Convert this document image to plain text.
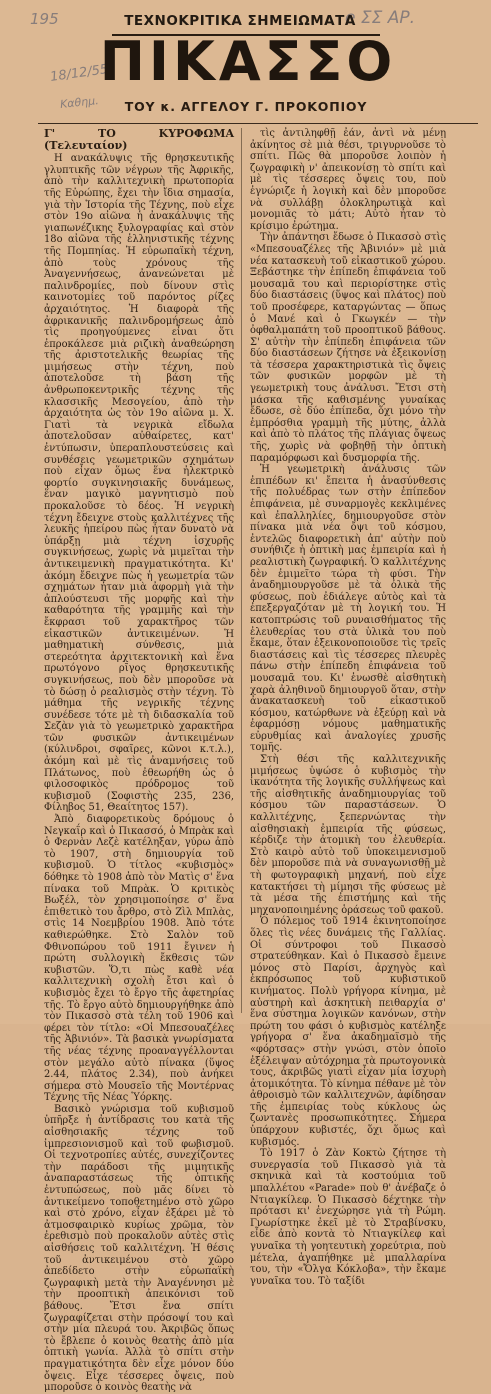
195	e ΣΣ ΑΡ.
18/12/55
Καθημ.
ΤΕΧΝΟΚΡΙΤΙΚΑ ΣΗΜΕΙΩΜΑΤΑ
ΠΙΚΑΣΣΟ
ΤΟΥ κ. ΑΓΓΕΛΟΥ Γ. ΠΡΟΚΟΠΙΟΥ

Γ' ΤΟ ΚΥΡΟΦΩΜΑ (Τελευταίον)

Η ανακάλυψις τῆς θρησκευτικῆς γλυπτικῆς τῶν νέγρων τῆς Ἀφρικῆς, ἀπὸ τὴν καλλιτεχνικὴ πρωτοπορία τῆς Εὐρώπης, ἔχει τὴν ἴδια σημασία, γιὰ τὴν Ἱστορία τῆς Τέχνης, ποὺ εἶχε στὸν 19ο αἰῶνα ἡ ἀνακάλυψις τῆς γιαπωνέζικης ξυλογραφίας καὶ στὸν 18ο αἰῶνα τῆς ἑλληνιστικῆς τέχνης τῆς Πομπηίας. Ἡ εὐρωπαϊκὴ τέχνη, ἀπὸ τοὺς χρόνους τῆς Ἀναγεννήσεως, ἀνανεώνεται μὲ παλινδρομίες, ποὺ δίνουν στὶς καινοτομίες τοῦ παρόντος ρίζες ἀρχαιότητος. Ἡ διαφορὰ τῆς ἀφρικανικῆς παλινδρομήσεως ἀπὸ τὶς προηγούμενες εἶναι ὅτι ἐπροκάλεσε μιὰ ριζικὴ ἀναθεώρηση τῆς ἀριστοτελικῆς θεωρίας τῆς μιμήσεως στὴν τέχνη, ποὺ ἀποτελοῦσε τὴ βάση τῆς ἀνθρωποκεντρικῆς τέχνης τῆς κλασσικῆς Μεσογείου, ἀπὸ τὴν ἀρχαιότητα ὡς τὸν 19ο αἰῶνα μ. Χ. Γιατὶ τὰ νεγρικὰ εἴδωλα ἀποτελοῦσαν αὐθαίρετες, κατ' ἐντύπωσιν, ὑπεραπλουστεύσεις καὶ συνθέσεις γεωμετρικῶν σχημάτων ποὺ εἶχαν ὅμως ἕνα ἠλεκτρικὸ φορτίο συγκινησιακῆς δυνάμεως, ἕναν μαγικὸ μαγνητισμὸ ποὺ προκαλοῦσε τὸ δέος. Ἡ νεγρικὴ τέχνη ἔδειχνε στοὺς καλλιτέχνες τῆς λευκῆς ἠπείρου πὼς ἦταν δυνατὸ νὰ ὑπάρξῃ μιὰ τέχνη ἰσχυρῆς συγκινήσεως, χωρὶς νὰ μιμεῖται τὴν ἀντικειμενικὴ πραγματικότητα. Κι' ἀκόμη ἔδειχνε πὼς ἡ γεωμετρία τῶν σχημάτων ἦταν μιὰ ἀφορμὴ γιὰ τὴν ἀπλούστευσι τῆς μορφῆς καὶ τὴν καθαρότητα τῆς γραμμῆς καὶ τὴν ἔκφρασι τοῦ χαρακτῆρος τῶν εἰκαστικῶν ἀντικειμένων. Ἡ μαθηματικὴ σύνθεσις, μιὰ στερεότητα ἀρχιτεκτονικὴ καὶ ἕνα πρωτόγονο ρῖγος θρησκευτικῆς συγκινήσεως, ποὺ δὲν μποροῦσε νὰ τὸ δώσῃ ὁ ρεαλισμὸς στὴν τέχνη. Τὸ μάθημα τῆς νεγρικῆς τέχνης συνέδεσε τότε μὲ τὴ διδασκαλία τοῦ Σεζὰν γιὰ τὸ γεωμετρικὸ χαρακτῆρα τῶν φυσικῶν ἀντικειμένων (κύλινδροι, σφαῖρες, κῶνοι κ.τ.λ.), ἀκόμη καὶ μὲ τὶς ἀναμνήσεις τοῦ Πλάτωνος, ποὺ ἐθεωρήθη ὡς ὁ φιλοσοφικὸς πρόδρομος τοῦ κυβισμοῦ (Σοφιστὴς 235, 236, Φίληβος 51, Θεαίτητος 157).

Ἀπὸ διαφορετικοὺς δρόμους ὁ Νεγκαΐρ καὶ ὁ Πικασσό, ὁ Μπρὰκ καὶ ὁ Φερνὰν Λεζὲ κατέληξαν, γύρω ἀπὸ τὸ 1907, στὴ δημιουργία τοῦ κυβισμοῦ. Ὁ τίτλος «κυβισμὸς» δόθηκε τὸ 1908 ἀπὸ τὸν Ματὶς σ' ἕνα πίνακα τοῦ Μπρὰκ. Ὁ κριτικὸς Βωξέλ, τὸν χρησιμοποίησε σ' ἕνα ἐπιθετικὸ του ἄρθρο, στὸ Ζὶλ Μπλὰς, στὶς 14 Νοεμβρίου 1908. Ἀπὸ τότε καθιερώθηκε. Στὸ Σαλὸν τοῦ Φθινοπώρου τοῦ 1911 ἔγινεν ἡ πρώτη συλλογικὴ ἔκθεσις τῶν κυβιστῶν. Ὅ,τι πὼς καθὲ νέα καλλιτεχνικὴ σχολὴ ἔτσι καὶ ὁ κυβισμὸς ἔχει τὸ ἔργο τῆς ἀφετηρίας τῆς. Τὸ ἔργο αὐτὸ δημιουργήθηκε ἀπὸ τὸν Πικασσὸ στὰ τέλη τοῦ 1906 καὶ φέρει τὸν τίτλο: «Οἱ Μπεσουαζέλες τῆς Ἀβινιόν». Τὰ βασικὰ γνωρίσματα τῆς νέας τέχνης προαναγγέλλονται στὸν μεγάλο αὐτὸ πίνακα (ὕψος 2.44, πλάτος 2.34), ποὺ ἀνήκει σήμερα στὸ Μουσεῖο τῆς Μοντέρνας Τέχνης τῆς Νέας Ὑόρκης.

Βασικὸ γνώρισμα τοῦ κυβισμοῦ ὑπῆρξε ἡ ἀντίδρασις του κατὰ τῆς αἰσθησιακῆς τέχνης τοῦ ἰμπρεσιονισμοῦ καὶ τοῦ φωβισμοῦ. Οἱ τεχνοτροπίες αὐτές, συνεχίζοντες τὴν παράδοσι τῆς μιμητικῆς ἀναπαραστάσεως τῆς ὀπτικῆς ἐντυπώσεως, ποὺ μᾶς δίνει τὸ ἀντικείμενο τοποθετημένο στὸ χῶρο καὶ στὸ χρόνο, εἶχαν ἐξάρει μὲ τὸ ἀτμοσφαιρικὸ κυρίως χρῶμα, τὸν ἐρεθισμὸ ποὺ προκαλοῦν αὐτὲς στὶς αἰσθήσεις τοῦ καλλιτέχνη. Ἡ θέσις τοῦ ἀντικειμένου στὸ χῶρο ἀπεδίδετο στὴν εὐρωπαϊκὴ ζωγραφικὴ μετὰ τὴν Ἀναγέννησι μὲ τὴν προοπτικὴ ἀπεικόνισι τοῦ βάθους. Ἔτσι ἕνα σπίτι ζωγραφίζεται στὴν πρόσοψί του καὶ στὴν μία πλευρά του. Ἀκριβῶς ὅπως τὸ ἔβλεπε ὁ κοινὸς θεατὴς ἀπὸ μία ὀπτικὴ γωνία. Ἀλλὰ τὸ σπίτι στὴν πραγματικότητα δὲν εἶχε μόνον δύο ὄψεις. Εἶχε τέσσερες ὄψεις, ποὺ μποροῦσε ὁ κοινὸς θεατὴς νὰ

τὶς ἀντιληφθῇ ἐάν, ἀντὶ νὰ μένῃ ἀκίνητος σὲ μιὰ θέσι, τριγυρνοῦσε τὸ σπίτι. Πῶς θὰ μποροῦσε λοιπὸν ἡ ζωγραφικὴ ν' ἀπεικονίσῃ τὸ σπίτι καὶ μὲ τὶς τέσσερες ὄψεις του, ποὺ ἐγνώριζε ἡ λογικὴ καὶ δὲν μποροῦσε νὰ συλλάβῃ ὁλοκληρωτικὰ καὶ μονομιᾶς τὸ μάτι; Αὐτὸ ἦταν τὸ κρίσιμο ἐρώτημα.

Τὴν ἀπάντησι ἔδωσε ὁ Πικασσὸ στὶς «Μπεσουαζέλες τῆς Ἀβινιόν» μὲ μιὰ νέα κατασκευὴ τοῦ εἰκαστικοῦ χώρου. Ξεβάστηκε τὴν ἐπίπεδη ἐπιφάνεια τοῦ μουσαμᾶ του καὶ περιορίστηκε στὶς δύο διαστάσεις (ὕψος καὶ πλάτος) ποὺ τοῦ προσέφερε, καταργώντας — ὅπως ὁ Μανέ καὶ ὁ Γκωγκέν — τὴν ὀφθαλμαπάτη τοῦ προοπτικοῦ βάθους. Σ' αὐτὴν τὴν ἐπίπεδη ἐπιφάνεια τῶν δύο διαστάσεων ζήτησε νὰ ἐξεικονίσῃ τὰ τέσσερα χαρακτηριστικὰ τὶς ὄψεις τῶν φυσικῶν μορφῶν μὲ τὴ γεωμετρικὴ τους ἀνάλυσι. Ἔτσι στὴ μάσκα τῆς καθισμένης γυναίκας ἔδωσε, σὲ δύο ἐπίπεδα, ὅχι μόνο τὴν ἐμπρόσθια γραμμὴ τῆς μύτης, ἀλλὰ καὶ ἀπὸ τὸ πλάτος τῆς πλάγιας ὄψεως τῆς, χωρὶς νὰ φοβηθῇ τὴν ὀπτικὴ παραμόρφωσι καὶ δυσμορφία τῆς.

Ἡ γεωμετρικὴ ἀνάλυσις τῶν ἐπιπέδων κι' ἔπειτα ἡ ἀνασύνθεσις τῆς πολυέδρας των στὴν ἐπίπεδον ἐπιφάνεια, μὲ συναρμογὲς κεκλιμένες καὶ ἐπαλληλίες, δημιουργοῦσε στὸν πίνακα μιὰ νέα ὄψι τοῦ κόσμου, ἐντελῶς διαφορετικὴ ἀπ' αὐτὴν ποὺ συνήθιζε ἡ ὀπτικὴ μας ἐμπειρία καὶ ἡ ρεαλιστικὴ ζωγραφική. Ὁ καλλιτέχνης δὲν ἐμιμεῖτο τώρα τὴ φύσι. Τὴν ἀναδημιουργοῦσε μὲ τὰ ὀλικὰ τῆς φύσεως, ποὺ ἐδιάλεγε αὐτὸς καὶ τὰ ἐπεξεργαζόταν μὲ τὴ λογική του. Ἡ κατοπτρώσις τοῦ ρυναισθήματος τῆς ἐλευθερίας του στὰ ὑλικὰ του ποὺ ἔκαμε, ὅταν ἐξεικονοποιοῦσε τὶς τρεῖς διαστάσεις καὶ τὶς τέσσερες πλευρὲς πάνω στὴν ἐπίπεδη ἐπιφάνεια τοῦ μουσαμᾶ του. Κι' ἑνωσθὲ αἰσθητικὴ χαρὰ ἀληθινοῦ δημιουργοῦ ὅταν, στὴν ἀνακατασκευὴ τοῦ εἰκαστικοῦ κόσμου, κατώρθωνε νὰ ἐξεύρῃ καὶ νὰ ἐφαρμόσῃ νόμους μαθηματικῆς εὐρυθμίας καὶ ἀναλογίες χρυσῆς τομῆς.

Στὴ θέσι τῆς καλλιτεχνικῆς μιμήσεως ὑψώσε ὁ κυβισμὸς τὴν ἱκανότητα τῆς λογικῆς συλλήψεως καὶ τῆς αἰσθητικῆς ἀναδημιουργίας τοῦ κόσμου τῶν παραστάσεων. Ὁ καλλιτέχνης, ξεπερνώντας τὴν αἰσθησιακὴ ἐμπειρία τῆς φύσεως, κέρδιζε τὴν ἀτομικὴ του ἐλευθερία. Στὸ καιρὸ αὐτὸ τοῦ ὑποκειμενισμοῦ δὲν μποροῦσε πιὰ νὰ συναγωνισθῇ μὲ τὴ φωτογραφικὴ μηχανή, ποὺ εἶχε κατακτήσει τὴ μίμησι τῆς φύσεως μὲ τὰ μέσα τῆς ἐπιστήμης καὶ τῆς μηχανοποιημένης ὁράσεως τοῦ φακοῦ.

Ὁ πόλεμος τοῦ 1914 ἐκινητοποίησε ὅλες τὶς νέες δυνάμεις τῆς Γαλλίας. Οἱ σύντροφοι τοῦ Πικασσὸ στρατεύθηκαν. Καὶ ὁ Πικασσὸ ἔμεινε μόνος στὸ Παρίσι, ἀρχηγὸς καὶ ἐκπρόσωπος τοῦ κυβιστικοῦ κινήματος. Πολὺ γρήγορα κίνημα, μὲ αὐστηρὴ καὶ ἀσκητικὴ πειθαρχία σ' ἕνα σύστημα λογικῶν κανόνων, στὴν πρώτη του φάσι ὁ κυβισμὸς κατέληξε γρήγορα σ' ἕνα ἀκαδημαϊσμὸ τῆς «φόρτσας» στὴν γνώσι, στὸν ὁποῖο ἐξέλειψαν αὐτόχρημα τὰ πρωτογονικὰ τους, ἀκριβῶς γιατὶ εἶχαν μία ἰσχυρὴ ἀτομικότητα. Τὸ κίνημα πέθανε μὲ τὸν ἀθροισμὸ τῶν καλλιτεχνῶν, ἀφίδησαν τῆς ἐμπειρίας τοὺς κύκλους ὡς ζωντανὲς προσωπικότητες. Σήμερα ὑπάρχουν κυβιστές, ὅχι ὅμως καὶ κυβισμός.

Τὸ 1917 ὁ Ζὰν Κοκτὼ ζήτησε τὴ συνεργασία τοῦ Πικασσὸ γιὰ τὰ σκηνικὰ καὶ τὰ κοστούμια τοῦ μπαλλέτου «Parade» ποὺ θ' ἀνέβαζε ὁ Ντιαγκίλεφ. Ὁ Πικασσὸ δέχτηκε τὴν πρότασι κι' ἐνεχώρησε γιὰ τὴ Ρώμη. Γνωρίστηκε ἐκεῖ μὲ τὸ Στραβίνσκυ, εἶδε ἀπὸ κοντὰ τὸ Ντιαγκίλεφ καὶ γυναῖκα τὴ γοητευτικὴ χορεύτρια, ποὺ μέτελα, ἀγαπήθηκε μὲ μπαλλαρίνα του, τὴν «Ὄλγα Κόκλοβα», τὴν ἔκαμε γυναῖκα του. Τὸ ταξίδι
